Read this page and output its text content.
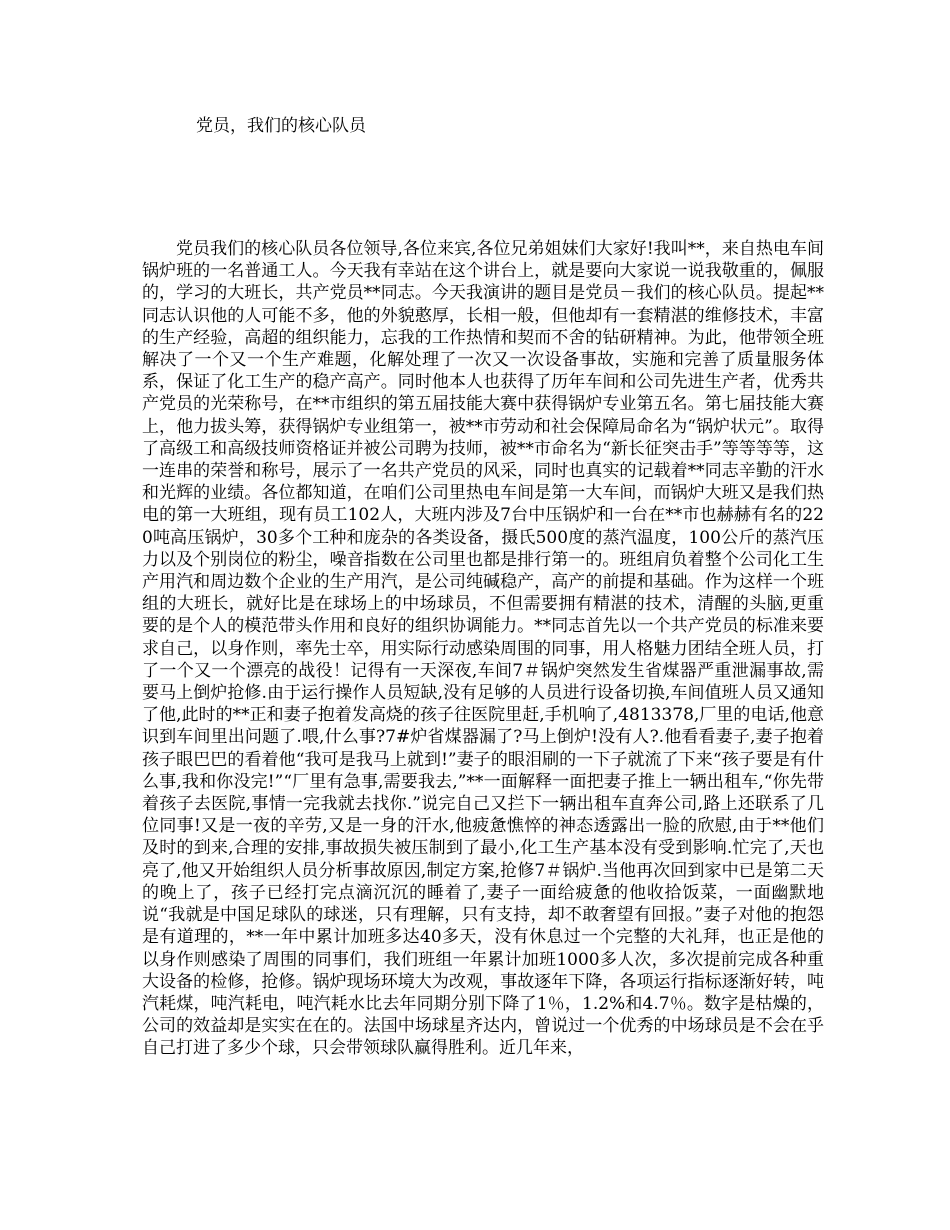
党员，我们的核心队员

党员我们的核心队员各位领导,各位来宾,各位兄弟姐妹们大家好!我叫**，来自热电车间锅炉班的一名普通工人。今天我有幸站在这个讲台上，就是要向大家说一说我敬重的，佩服的，学习的大班长，共产党员**同志。今天我演讲的题目是党员－我们的核心队员。提起**同志认识他的人可能不多，他的外貌憨厚，长相一般，但他却有一套精湛的维修技术，丰富的生产经验，高超的组织能力，忘我的工作热情和契而不舍的钻研精神。为此，他带领全班解决了一个又一个生产难题，化解处理了一次又一次设备事故，实施和完善了质量服务体系，保证了化工生产的稳产高产。同时他本人也获得了历年车间和公司先进生产者，优秀共产党员的光荣称号，在**市组织的第五届技能大赛中获得锅炉专业第五名。第七届技能大赛上，他力拔头筹，获得锅炉专业组第一，被**市劳动和社会保障局命名为“锅炉状元”。取得了高级工和高级技师资格证并被公司聘为技师，被**市命名为“新长征突击手”等等等等，这一连串的荣誉和称号，展示了一名共产党员的风采，同时也真实的记载着**同志辛勤的汗水和光辉的业绩。各位都知道，在咱们公司里热电车间是第一大车间，而锅炉大班又是我们热电的第一大班组，现有员工102人，大班内涉及7台中压锅炉和一台在**市也赫赫有名的220吨高压锅炉，30多个工种和庞杂的各类设备，摄氏500度的蒸汽温度，100公斤的蒸汽压力以及个别岗位的粉尘，噪音指数在公司里也都是排行第一的。班组肩负着整个公司化工生产用汽和周边数个企业的生产用汽，是公司纯碱稳产，高产的前提和基础。作为这样一个班组的大班长，就好比是在球场上的中场球员，不但需要拥有精湛的技术，清醒的头脑,更重要的是个人的模范带头作用和良好的组织协调能力。**同志首先以一个共产党员的标准来要求自己，以身作则，率先士卒，用实际行动感染周围的同事，用人格魅力团结全班人员，打了一个又一个漂亮的战役！记得有一天深夜,车间7＃锅炉突然发生省煤器严重泄漏事故,需要马上倒炉抢修.由于运行操作人员短缺,没有足够的人员进行设备切换,车间值班人员又通知了他,此时的**正和妻子抱着发高烧的孩子往医院里赶,手机响了,4813378,厂里的电话,他意识到车间里出问题了.喂,什么事?7#炉省煤器漏了?马上倒炉!没有人?.他看看妻子,妻子抱着孩子眼巴巴的看着他“我可是我马上就到!”妻子的眼泪刷的一下子就流了下来“孩子要是有什么事,我和你没完!”“厂里有急事,需要我去,”**一面解释一面把妻子推上一辆出租车,“你先带着孩子去医院,事情一完我就去找你.”说完自己又拦下一辆出租车直奔公司,路上还联系了几位同事!又是一夜的辛劳,又是一身的汗水,他疲惫憔悴的神态透露出一脸的欣慰,由于**他们及时的到来,合理的安排,事故损失被压制到了最小,化工生产基本没有受到影响.忙完了,天也亮了,他又开始组织人员分析事故原因,制定方案,抢修7＃锅炉.当他再次回到家中已是第二天的晚上了，孩子已经打完点滴沉沉的睡着了,妻子一面给疲惫的他收拾饭菜，一面幽默地说“我就是中国足球队的球迷，只有理解，只有支持，却不敢奢望有回报。”妻子对他的抱怨是有道理的，**一年中累计加班多达40多天，没有休息过一个完整的大礼拜，也正是他的以身作则感染了周围的同事们，我们班组一年累计加班1000多人次，多次提前完成各种重大设备的检修，抢修。锅炉现场环境大为改观，事故逐年下降，各项运行指标逐渐好转，吨汽耗煤，吨汽耗电，吨汽耗水比去年同期分别下降了1％，1.2%和4.7％。数字是枯燥的，公司的效益却是实实在在的。法国中场球星齐达内，曾说过一个优秀的中场球员是不会在乎自己打进了多少个球，只会带领球队赢得胜利。近几年来，
